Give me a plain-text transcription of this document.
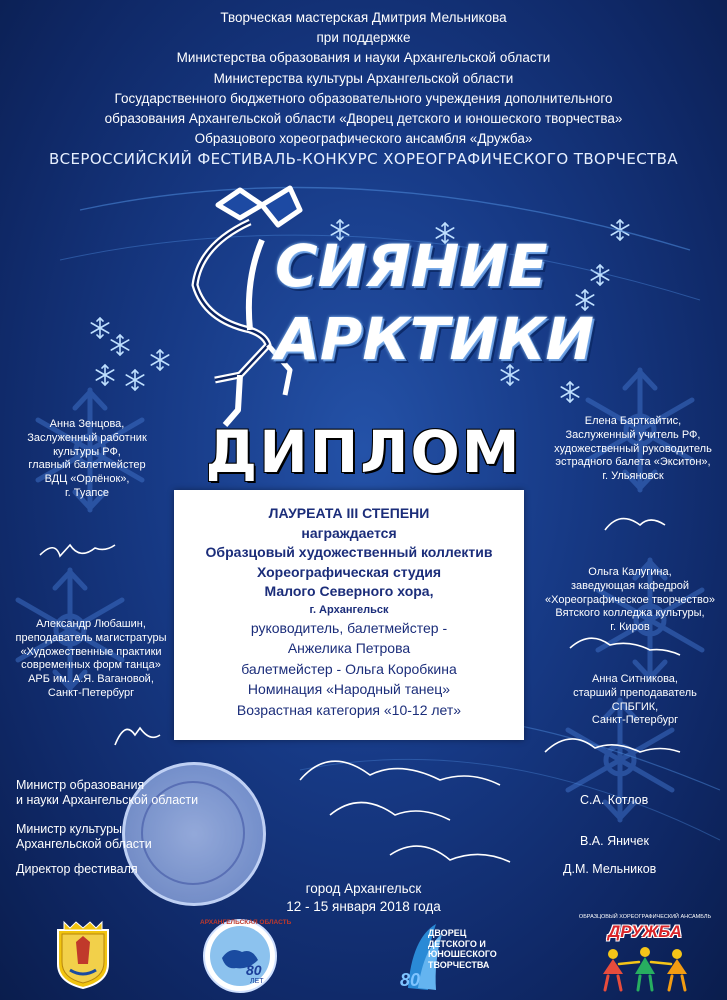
Творческая мастерская Дмитрия Мельникова
при поддержке
Министерства образования и науки Архангельской области
Министерства культуры Архангельской области
Государственного бюджетного образовательного учреждения дополнительного
образования Архангельской области «Дворец детского и юношеского творчества»
Образцового хореографического ансамбля «Дружба»
ВСЕРОССИЙСКИЙ ФЕСТИВАЛЬ-КОНКУРС ХОРЕОГРАФИЧЕСКОГО ТВОРЧЕСТВА
СИЯНИЕ
АРКТИКИ
ДИПЛОМ
ЛАУРЕАТА III СТЕПЕНИ
награждается
Образцовый художественный коллектив
Хореографическая студия
Малого Северного хора,
г. Архангельск
руководитель, балетмейстер -
Анжелика Петрова
балетмейстер - Ольга Коробкина
Номинация «Народный танец»
Возрастная категория «10-12 лет»
Анна Зенцова,
Заслуженный работник
культуры РФ,
главный балетмейстер
ВДЦ «Орлёнок»,
г. Туапсе
Александр Любашин,
преподаватель магистратуры
«Художественные практики
современных форм танца»
АРБ им. А.Я. Вагановой,
Санкт-Петербург
Елена Барткайтис,
Заслуженный учитель РФ,
художественный руководитель
эстрадного балета «Экситон»,
г. Ульяновск
Ольга Калугина,
заведующая кафедрой
«Хореографическое творчество»
Вятского колледжа культуры,
г. Киров
Анна Ситникова,
старший преподаватель
СПБГИК,
Санкт-Петербург
Министр образования
и науки Архангельской области	С.А. Котлов
Министр культуры
Архангельской области	В.А. Яничек
Директор фестиваля	Д.М. Мельников
город Архангельск
12 - 15 января 2018 года
АРХАНГЕЛЬСКАЯ ОБЛАСТЬ
80
ЛЕТ
ДВОРЕЦ
ДЕТСКОГО И
ЮНОШЕСКОГО
ТВОРЧЕСТВА
80
ОБРАЗЦОВЫЙ ХОРЕОГРАФИЧЕСКИЙ АНСАМБЛЬ
ДРУЖБА
